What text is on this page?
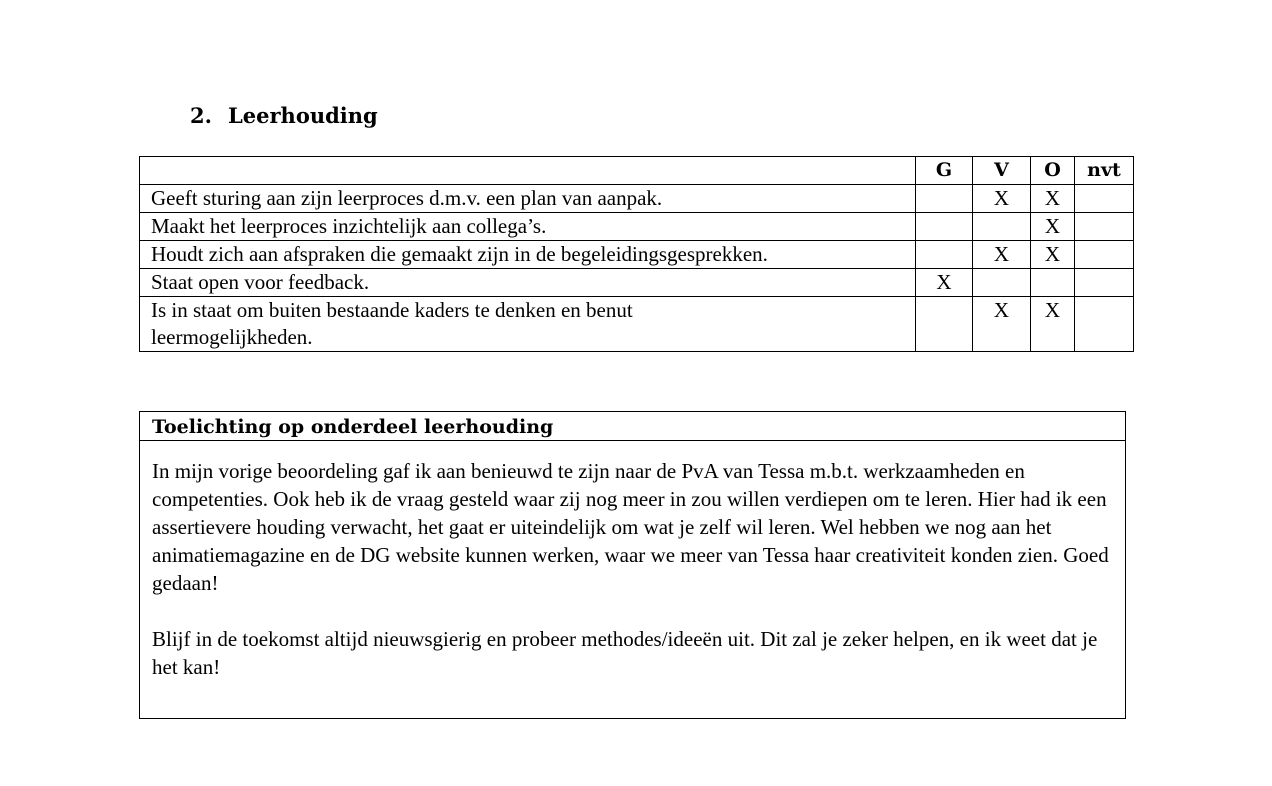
2. Leerhouding
	G	V	O	nvt
Geeft sturing aan zijn leerproces d.m.v. een plan van aanpak.		X	X	
Maakt het leerproces inzichtelijk aan collega’s.			X	
Houdt zich aan afspraken die gemaakt zijn in de begeleidingsgesprekken.		X	X	
Staat open voor feedback.	X			
Is in staat om buiten bestaande kaders te denken en benut leermogelijkheden.		X	X	
Toelichting op onderdeel leerhouding

In mijn vorige beoordeling gaf ik aan benieuwd te zijn naar de PvA van Tessa m.b.t. werkzaamheden en competenties. Ook heb ik de vraag gesteld waar zij nog meer in zou willen verdiepen om te leren. Hier had ik een assertievere houding verwacht, het gaat er uiteindelijk om wat je zelf wil leren. Wel hebben we nog aan het animatiemagazine en de DG website kunnen werken, waar we meer van Tessa haar creativiteit konden zien. Goed gedaan!

Blijf in de toekomst altijd nieuwsgierig en probeer methodes/ideeën uit. Dit zal je zeker helpen, en ik weet dat je het kan!
